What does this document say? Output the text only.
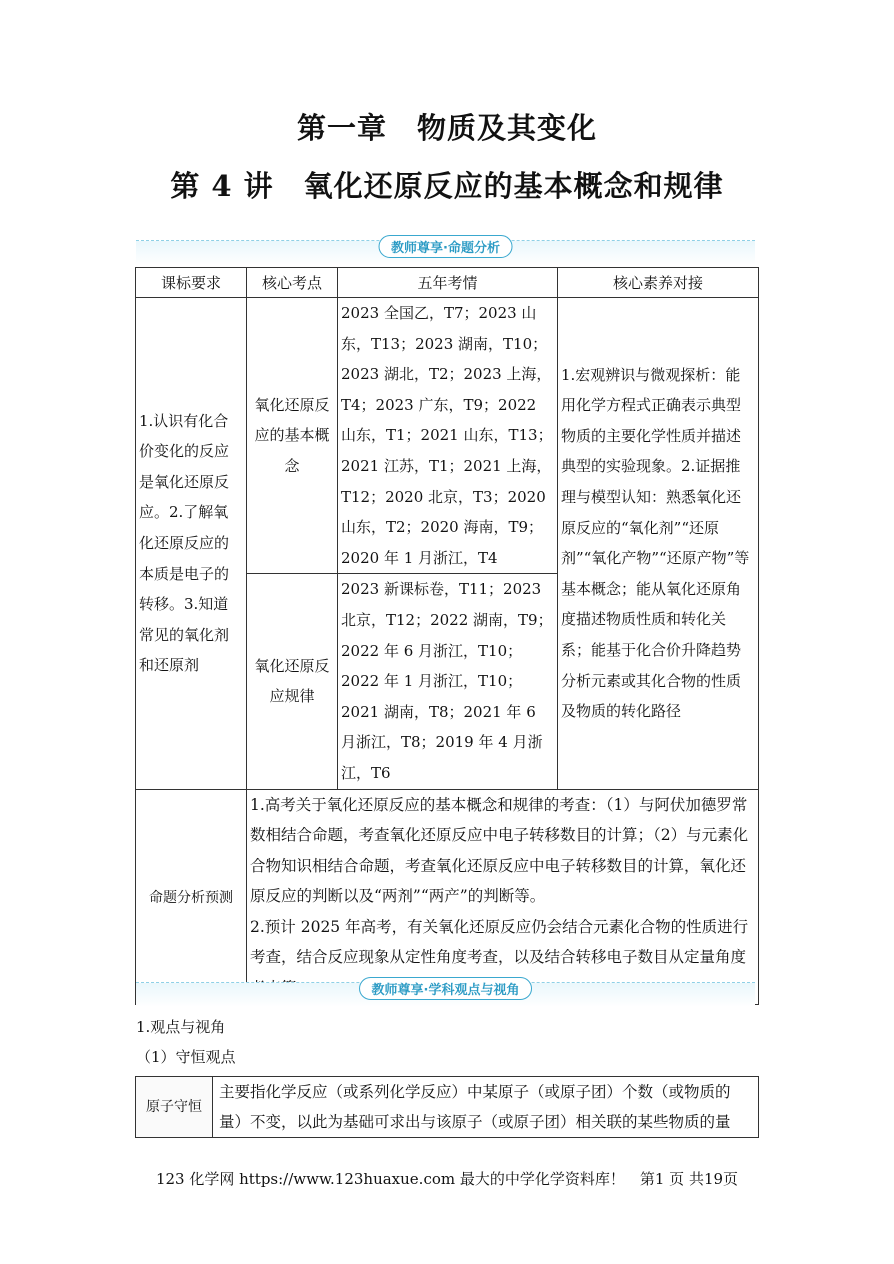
第一章　物质及其变化
第 4 讲　氧化还原反应的基本概念和规律
教师尊享·命题分析
课标要求	核心考点	五年考情	核心素养对接
1.认识有化合价变化的反应是氧化还原反应。2.了解氧化还原反应的本质是电子的转移。3.知道常见的氧化剂和还原剂	氧化还原反应的基本概念	2023 全国乙，T7；2023 山东，T13；2023 湖南，T10；2023 湖北，T2；2023 上海，T4；2023 广东，T9；2022 山东，T1；2021 山东，T13；2021 江苏，T1；2021 上海，T12；2020 北京，T3；2020 山东，T2；2020 海南，T9；2020 年 1 月浙江，T4	1.宏观辨识与微观探析：能用化学方程式正确表示典型物质的主要化学性质并描述典型的实验现象。2.证据推理与模型认知：熟悉氧化还原反应的“氧化剂”“还原剂”“氧化产物”“还原产物”等基本概念；能从氧化还原角度描述物质性质和转化关系；能基于化合价升降趋势分析元素或其化合物的性质及物质的转化路径
	氧化还原反应规律	2023 新课标卷，T11；2023 北京，T12；2022 湖南，T9；2022 年 6 月浙江，T10；2022 年 1 月浙江，T10；2021 湖南，T8；2021 年 6 月浙江，T8；2019 年 4 月浙江，T6	
命题分析预测	1.高考关于氧化还原反应的基本概念和规律的考查：（1）与阿伏加德罗常数相结合命题，考查氧化还原反应中电子转移数目的计算；（2）与元素化合物知识相结合命题，考查氧化还原反应中电子转移数目的计算，氧化还原反应的判断以及“两剂”“两产”的判断等。

2.预计 2025 年高考，有关氧化还原反应仍会结合元素化合物的性质进行考查，结合反应现象从定性角度考查，以及结合转移电子数目从定量角度		

教师尊享·学科观点与视角
1.观点与视角
（1）守恒观点
原子守恒	主要指化学反应（或系列化学反应）中某原子（或原子团）个数（或物质的量）不变，以此为基础可求出与该原子（或原子团）相关联的某些物质的量
123 化学网 https://www.123huaxue.com 最大的中学化学资料库！　第1 页 共19页
